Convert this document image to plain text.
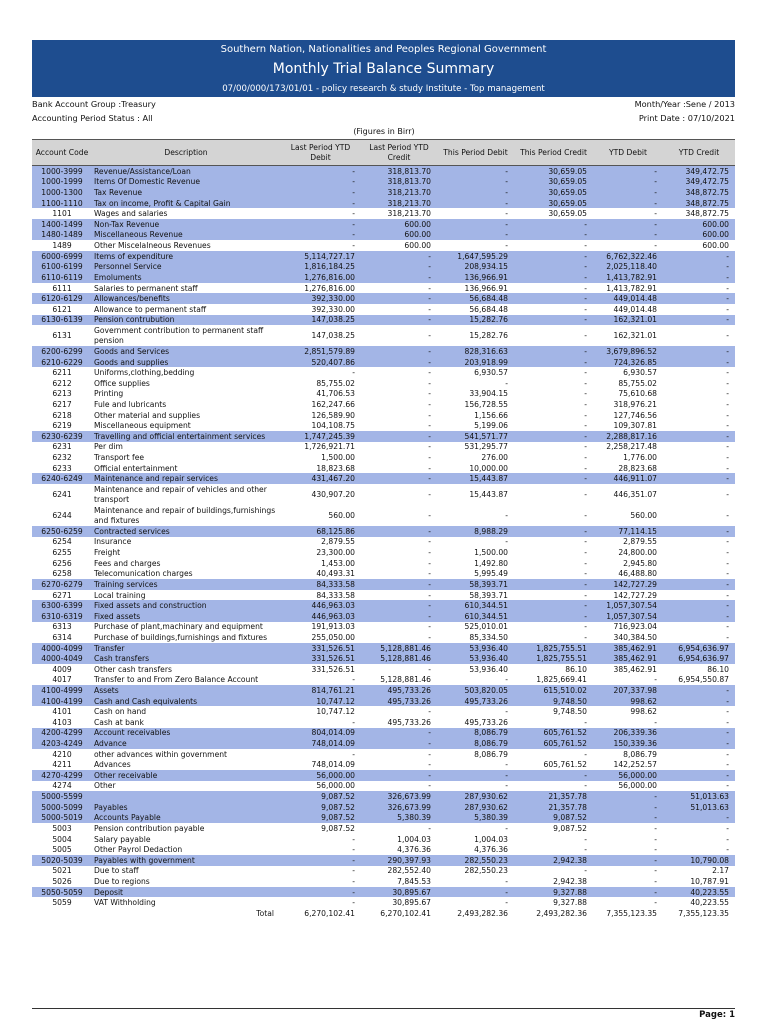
Southern Nation, Nationalities and Peoples Regional Government
Monthly Trial Balance Summary
07/00/000/173/01/01 - policy research & study Institute - Top management
Bank Account Group :Treasury	Month/Year :Sene / 2013
Accounting Period Status : All	Print Date : 07/10/2021
(Figures in Birr)
Account Code	Description	Last Period YTD Debit	Last Period YTD Credit	This Period Debit	This Period Credit	YTD Debit	YTD Credit
1000-3999	Revenue/Assistance/Loan	-	318,813.70	-	30,659.05	-	349,472.75
1000-1999	Items Of Domestic Revenue	-	318,813.70	-	30,659.05	-	349,472.75
1000-1300	Tax Revenue	-	318,213.70	-	30,659.05	-	348,872.75
1100-1110	Tax on income, Profit & Capital Gain	-	318,213.70	-	30,659.05	-	348,872.75
1101	Wages and salaries	-	318,213.70	-	30,659.05	-	348,872.75
1400-1499	Non-Tax Revenue	-	600.00	-	-	-	600.00
1480-1489	Miscellaneous Revenue	-	600.00	-	-	-	600.00
1489	Other Miscelalneous Revenues	-	600.00	-	-	-	600.00
6000-6999	Items of expenditure	5,114,727.17	-	1,647,595.29	-	6,762,322.46	-
6100-6199	Personnel Service	1,816,184.25	-	208,934.15	-	2,025,118.40	-
6110-6119	Emoluments	1,276,816.00	-	136,966.91	-	1,413,782.91	-
6111	Salaries to permanent staff	1,276,816.00	-	136,966.91	-	1,413,782.91	-
6120-6129	Allowances/benefits	392,330.00	-	56,684.48	-	449,014.48	-
6121	Allowance to permanent staff	392,330.00	-	56,684.48	-	449,014.48	-
6130-6139	Pension contrubution	147,038.25	-	15,282.76	-	162,321.01	-
6131	Government contribution to permanent staff pension	147,038.25	-	15,282.76	-	162,321.01	-
6200-6299	Goods and Services	2,851,579.89	-	828,316.63	-	3,679,896.52	-
6210-6229	Goods and supplies	520,407.86	-	203,918.99	-	724,326.85	-
6211	Uniforms,clothing,bedding	-	-	6,930.57	-	6,930.57	-
6212	Office supplies	85,755.02	-	-	-	85,755.02	-
6213	Printing	41,706.53	-	33,904.15	-	75,610.68	-
6217	Fule and lubricants	162,247.66	-	156,728.55	-	318,976.21	-
6218	Other material and supplies	126,589.90	-	1,156.66	-	127,746.56	-
6219	Miscellaneous equipment	104,108.75	-	5,199.06	-	109,307.81	-
6230-6239	Travelling and official entertainment services	1,747,245.39	-	541,571.77	-	2,288,817.16	-
6231	Per dim	1,726,921.71	-	531,295.77	-	2,258,217.48	-
6232	Transport fee	1,500.00	-	276.00	-	1,776.00	-
6233	Official entertainment	18,823.68	-	10,000.00	-	28,823.68	-
6240-6249	Maintenance and repair services	431,467.20	-	15,443.87	-	446,911.07	-
6241	Maintenance and repair of vehicles and other transport	430,907.20	-	15,443.87	-	446,351.07	-
6244	Maintenance and repair of buildings,furnishings and fixtures	560.00	-	-	-	560.00	-
6250-6259	Contracted services	68,125.86	-	8,988.29	-	77,114.15	-
6254	Insurance	2,879.55	-	-	-	2,879.55	-
6255	Freight	23,300.00	-	1,500.00	-	24,800.00	-
6256	Fees and charges	1,453.00	-	1,492.80	-	2,945.80	-
6258	Telecomunication charges	40,493.31	-	5,995.49	-	46,488.80	-
6270-6279	Training services	84,333.58	-	58,393.71	-	142,727.29	-
6271	Local training	84,333.58	-	58,393.71	-	142,727.29	-
6300-6399	Fixed assets and construction	446,963.03	-	610,344.51	-	1,057,307.54	-
6310-6319	Fixed assets	446,963.03	-	610,344.51	-	1,057,307.54	-
6313	Purchase of plant,machinary and equipment	191,913.03	-	525,010.01	-	716,923.04	-
6314	Purchase of buildings,furnishings and fixtures	255,050.00	-	85,334.50	-	340,384.50	-
4000-4099	Transfer	331,526.51	5,128,881.46	53,936.40	1,825,755.51	385,462.91	6,954,636.97
4000-4049	Cash transfers	331,526.51	5,128,881.46	53,936.40	1,825,755.51	385,462.91	6,954,636.97
4009	Other cash transfers	331,526.51	-	53,936.40	86.10	385,462.91	86.10
4017	Transfer to and From Zero Balance Account	-	5,128,881.46	-	1,825,669.41	-	6,954,550.87
4100-4999	Assets	814,761.21	495,733.26	503,820.05	615,510.02	207,337.98	-
4100-4199	Cash and Cash equivalents	10,747.12	495,733.26	495,733.26	9,748.50	998.62	-
4101	Cash on hand	10,747.12	-	-	9,748.50	998.62	-
4103	Cash at bank	-	495,733.26	495,733.26	-	-	-
4200-4299	Account receivables	804,014.09	-	8,086.79	605,761.52	206,339.36	-
4203-4249	Advance	748,014.09	-	8,086.79	605,761.52	150,339.36	-
4210	other advances within government	-	-	8,086.79	-	8,086.79	-
4211	Advances	748,014.09	-	-	605,761.52	142,252.57	-
4270-4299	Other receivable	56,000.00	-	-	-	56,000.00	-
4274	Other	56,000.00	-	-	-	56,000.00	-
5000-5599		9,087.52	326,673.99	287,930.62	21,357.78	-	51,013.63
5000-5099	Payables	9,087.52	326,673.99	287,930.62	21,357.78	-	51,013.63
5000-5019	Accounts Payable	9,087.52	5,380.39	5,380.39	9,087.52	-	-
5003	Pension contribution payable	9,087.52	-	-	9,087.52	-	-
5004	Salary payable	-	1,004.03	1,004.03	-	-	-
5005	Other Payrol Dedaction	-	4,376.36	4,376.36	-	-	-
5020-5039	Payables with government	-	290,397.93	282,550.23	2,942.38	-	10,790.08
5021	Due to staff	-	282,552.40	282,550.23	-	-	2.17
5026	Due to regions	-	7,845.53	-	2,942.38	-	10,787.91
5050-5059	Deposit	-	30,895.67	-	9,327.88	-	40,223.55
5059	VAT Withholding	-	30,895.67	-	9,327.88	-	40,223.55
	Total	6,270,102.41	6,270,102.41	2,493,282.36	2,493,282.36	7,355,123.35	7,355,123.35
Page: 1
